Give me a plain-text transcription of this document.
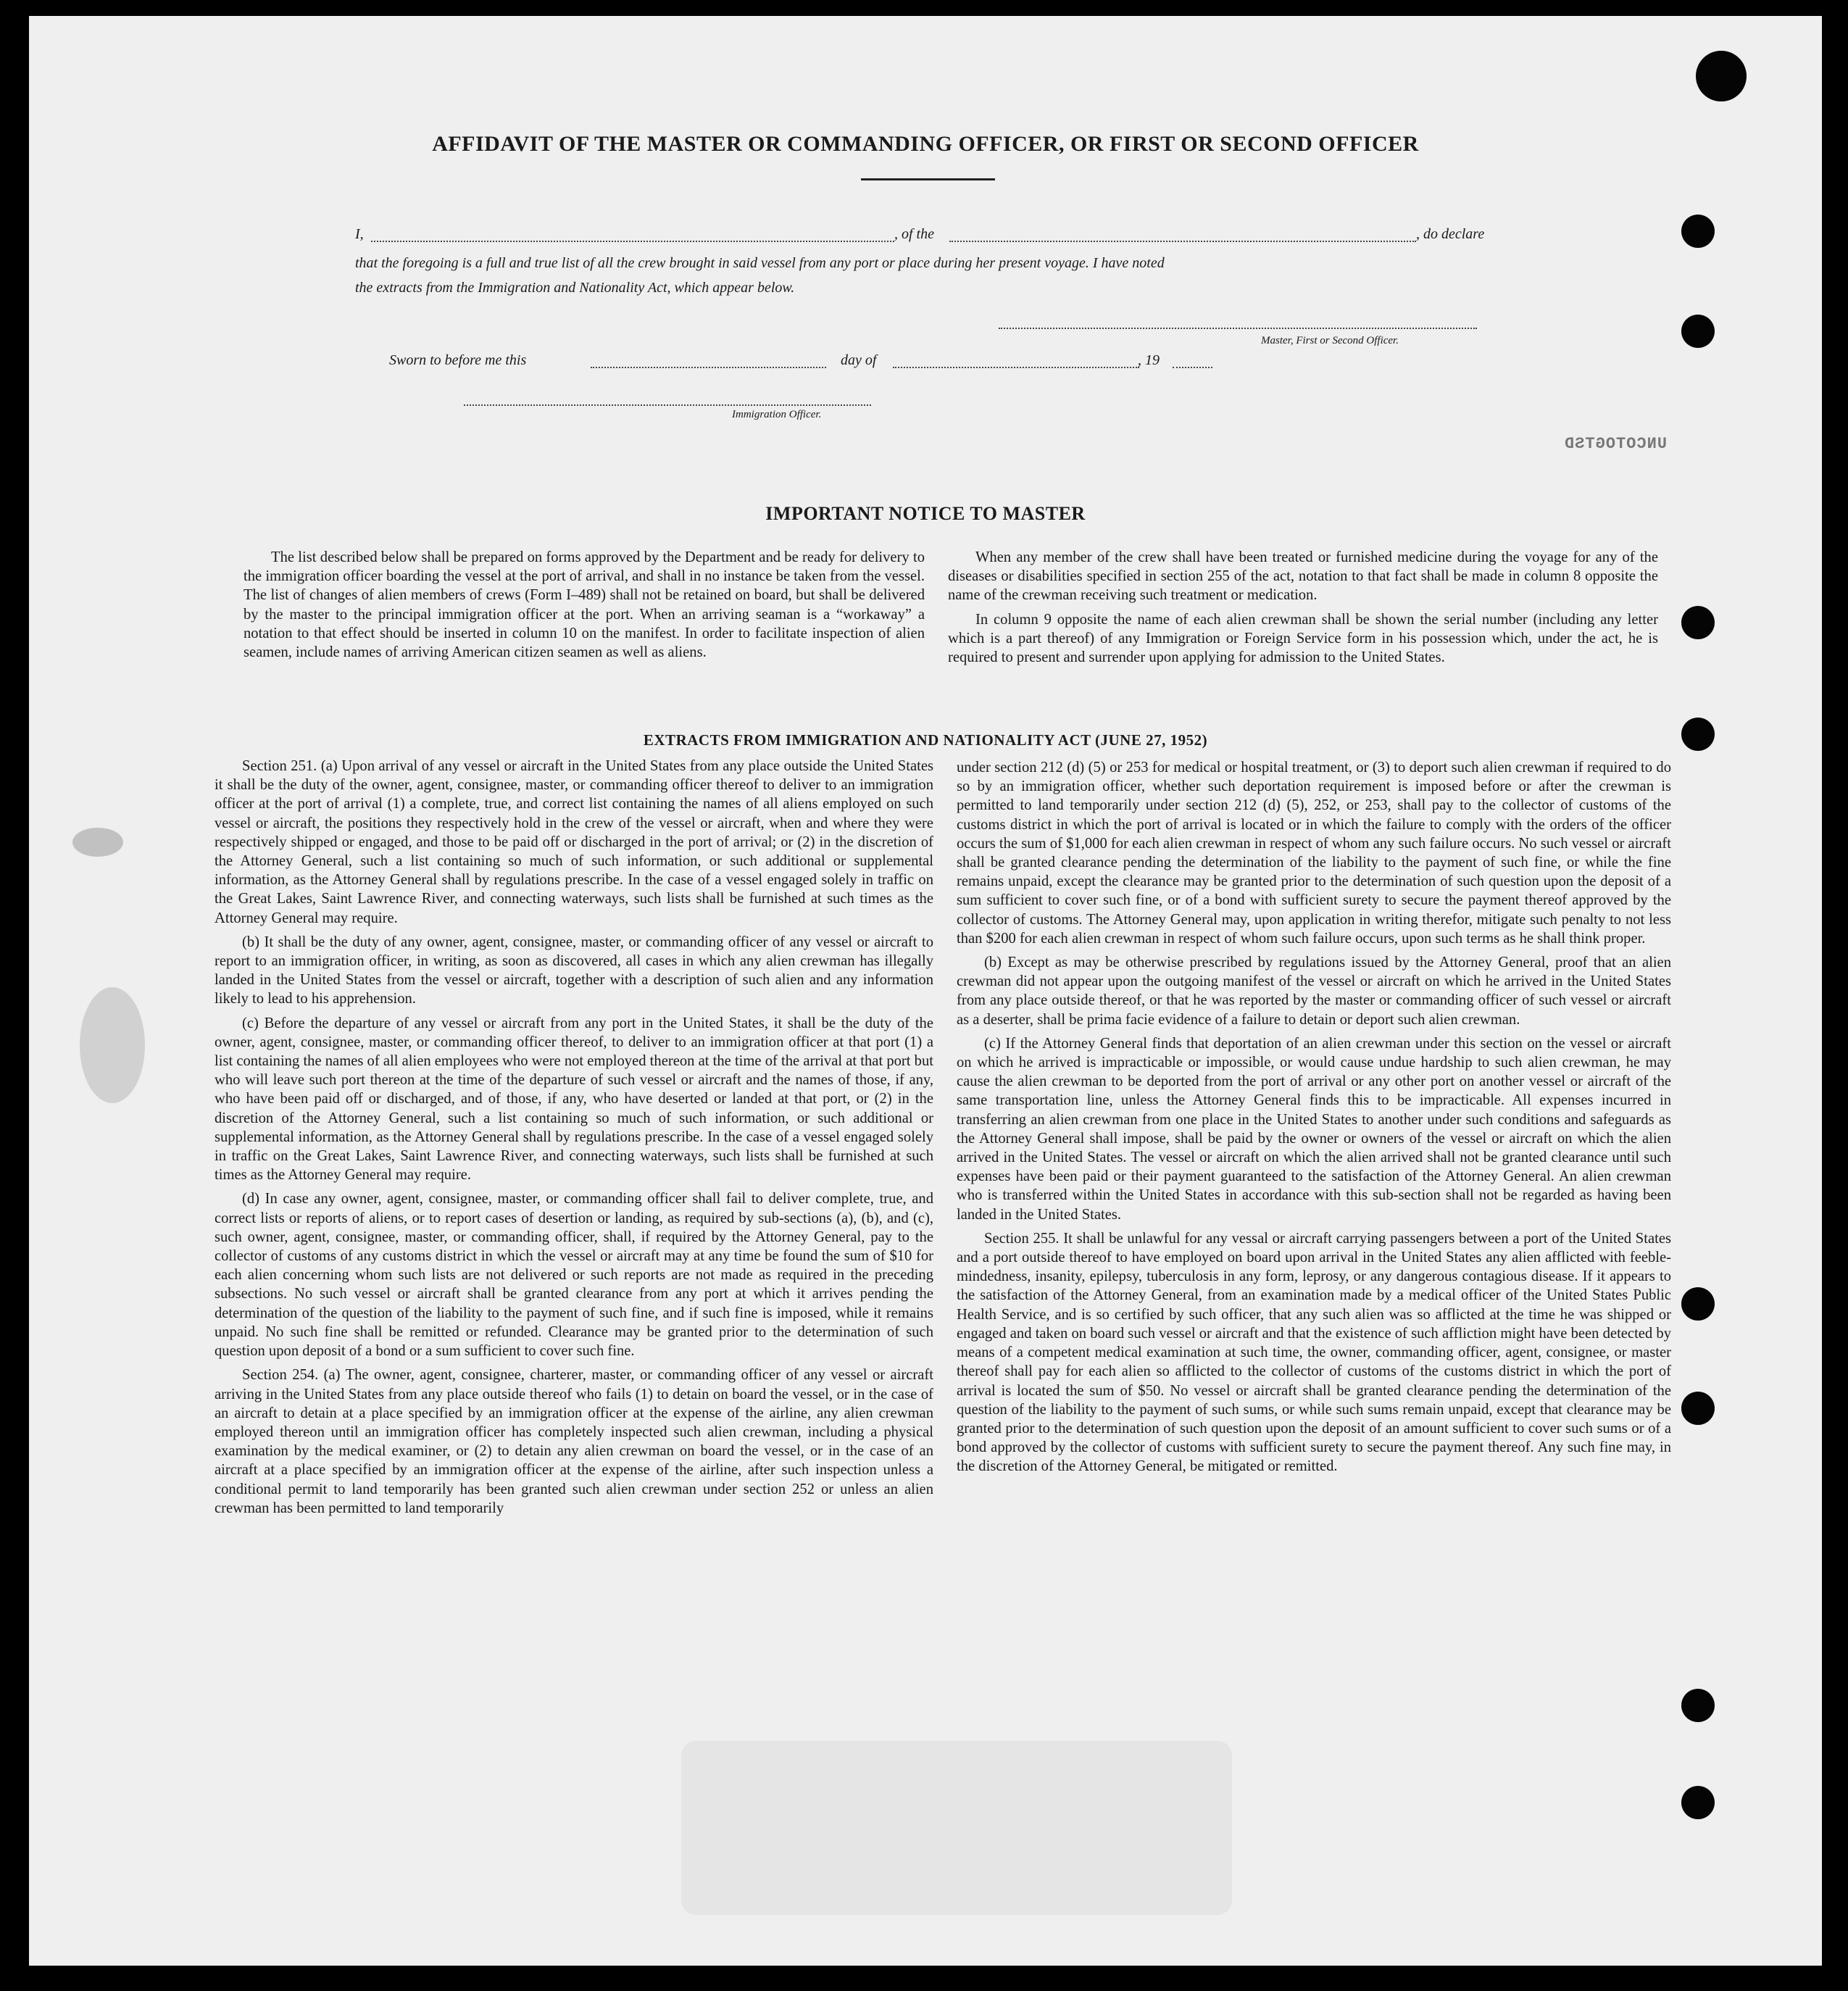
AFFIDAVIT OF THE MASTER OR COMMANDING OFFICER, OR FIRST OR SECOND OFFICER
I,	, of the	, do declare
that the foregoing is a full and true list of all the crew brought in said vessel from any port or place during her present voyage. I have noted
the extracts from the Immigration and Nationality Act, which appear below.
Master, First or Second Officer.
Sworn to before me this	day of	, 19
Immigration Officer.
UNCOTOGTSD
IMPORTANT NOTICE TO MASTER

The list described below shall be prepared on forms approved by the Department and be ready for delivery to the immigration officer boarding the vessel at the port of arrival, and shall in no instance be taken from the vessel. The list of changes of alien members of crews (Form I–489) shall not be retained on board, but shall be delivered by the master to the principal immigration officer at the port. When an arriving seaman is a “workaway” a notation to that effect should be inserted in column 10 on the manifest. In order to facilitate inspection of alien seamen, include names of arriving American citizen seamen as well as aliens.

When any member of the crew shall have been treated or furnished medicine during the voyage for any of the diseases or disabilities specified in section 255 of the act, notation to that fact shall be made in column 8 opposite the name of the crewman receiving such treatment or medication.

In column 9 opposite the name of each alien crewman shall be shown the serial number (including any letter which is a part thereof) of any Immigration or Foreign Service form in his possession which, under the act, he is required to present and surrender upon applying for admission to the United States.

EXTRACTS FROM IMMIGRATION AND NATIONALITY ACT (JUNE 27, 1952)

Section 251. (a) Upon arrival of any vessel or aircraft in the United States from any place outside the United States it shall be the duty of the owner, agent, consignee, master, or commanding officer thereof to deliver to an immigration officer at the port of arrival (1) a complete, true, and correct list containing the names of all aliens employed on such vessel or aircraft, the positions they respectively hold in the crew of the vessel or aircraft, when and where they were respectively shipped or engaged, and those to be paid off or discharged in the port of arrival; or (2) in the discretion of the Attorney General, such a list containing so much of such information, or such additional or supplemental information, as the Attorney General shall by regulations prescribe. In the case of a vessel engaged solely in traffic on the Great Lakes, Saint Lawrence River, and connecting waterways, such lists shall be furnished at such times as the Attorney General may require.

(b) It shall be the duty of any owner, agent, consignee, master, or commanding officer of any vessel or aircraft to report to an immigration officer, in writing, as soon as discovered, all cases in which any alien crewman has illegally landed in the United States from the vessel or aircraft, together with a description of such alien and any information likely to lead to his apprehension.

(c) Before the departure of any vessel or aircraft from any port in the United States, it shall be the duty of the owner, agent, consignee, master, or commanding officer thereof, to deliver to an immigration officer at that port (1) a list containing the names of all alien employees who were not employed thereon at the time of the arrival at that port but who will leave such port thereon at the time of the departure of such vessel or aircraft and the names of those, if any, who have been paid off or discharged, and of those, if any, who have deserted or landed at that port, or (2) in the discretion of the Attorney General, such a list containing so much of such information, or such additional or supplemental information, as the Attorney General shall by regulations prescribe. In the case of a vessel engaged solely in traffic on the Great Lakes, Saint Lawrence River, and connecting waterways, such lists shall be furnished at such times as the Attorney General may require.

(d) In case any owner, agent, consignee, master, or commanding officer shall fail to deliver complete, true, and correct lists or reports of aliens, or to report cases of desertion or landing, as required by sub-sections (a), (b), and (c), such owner, agent, consignee, master, or commanding officer, shall, if required by the Attorney General, pay to the collector of customs of any customs district in which the vessel or aircraft may at any time be found the sum of $10 for each alien concerning whom such lists are not delivered or such reports are not made as required in the preceding subsections. No such vessel or aircraft shall be granted clearance from any port at which it arrives pending the determination of the question of the liability to the payment of such fine, and if such fine is imposed, while it remains unpaid. No such fine shall be remitted or refunded. Clearance may be granted prior to the determination of such question upon deposit of a bond or a sum sufficient to cover such fine.

Section 254. (a) The owner, agent, consignee, charterer, master, or commanding officer of any vessel or aircraft arriving in the United States from any place outside thereof who fails (1) to detain on board the vessel, or in the case of an aircraft to detain at a place specified by an immigration officer at the expense of the airline, any alien crewman employed thereon until an immigration officer has completely inspected such alien crewman, including a physical examination by the medical examiner, or (2) to detain any alien crewman on board the vessel, or in the case of an aircraft at a place specified by an immigration officer at the expense of the airline, after such inspection unless a conditional permit to land temporarily has been granted such alien crewman under section 252 or unless an alien crewman has been permitted to land temporarily

under section 212 (d) (5) or 253 for medical or hospital treatment, or (3) to deport such alien crewman if required to do so by an immigration officer, whether such deportation requirement is imposed before or after the crewman is permitted to land temporarily under section 212 (d) (5), 252, or 253, shall pay to the collector of customs of the customs district in which the port of arrival is located or in which the failure to comply with the orders of the officer occurs the sum of $1,000 for each alien crewman in respect of whom any such failure occurs. No such vessel or aircraft shall be granted clearance pending the determination of the liability to the payment of such fine, or while the fine remains unpaid, except the clearance may be granted prior to the determination of such question upon the deposit of a sum sufficient to cover such fine, or of a bond with sufficient surety to secure the payment thereof approved by the collector of customs. The Attorney General may, upon application in writing therefor, mitigate such penalty to not less than $200 for each alien crewman in respect of whom such failure occurs, upon such terms as he shall think proper.

(b) Except as may be otherwise prescribed by regulations issued by the Attorney General, proof that an alien crewman did not appear upon the outgoing manifest of the vessel or aircraft on which he arrived in the United States from any place outside thereof, or that he was reported by the master or commanding officer of such vessel or aircraft as a deserter, shall be prima facie evidence of a failure to detain or deport such alien crewman.

(c) If the Attorney General finds that deportation of an alien crewman under this section on the vessel or aircraft on which he arrived is impracticable or impossible, or would cause undue hardship to such alien crewman, he may cause the alien crewman to be deported from the port of arrival or any other port on another vessel or aircraft of the same transportation line, unless the Attorney General finds this to be impracticable. All expenses incurred in transferring an alien crewman from one place in the United States to another under such conditions and safeguards as the Attorney General shall impose, shall be paid by the owner or owners of the vessel or aircraft on which the alien arrived in the United States. The vessel or aircraft on which the alien arrived shall not be granted clearance until such expenses have been paid or their payment guaranteed to the satisfaction of the Attorney General. An alien crewman who is transferred within the United States in accordance with this sub-section shall not be regarded as having been landed in the United States.

Section 255. It shall be unlawful for any vessal or aircraft carrying passengers between a port of the United States and a port outside thereof to have employed on board upon arrival in the United States any alien afflicted with feeble-mindedness, insanity, epilepsy, tuberculosis in any form, leprosy, or any dangerous contagious disease. If it appears to the satisfaction of the Attorney General, from an examination made by a medical officer of the United States Public Health Service, and is so certified by such officer, that any such alien was so afflicted at the time he was shipped or engaged and taken on board such vessel or aircraft and that the existence of such affliction might have been detected by means of a competent medical examination at such time, the owner, commanding officer, agent, consignee, or master thereof shall pay for each alien so afflicted to the collector of customs of the customs district in which the port of arrival is located the sum of $50. No vessel or aircraft shall be granted clearance pending the determination of the question of the liability to the payment of such sums, or while such sums remain unpaid, except that clearance may be granted prior to the determination of such question upon the deposit of an amount sufficient to cover such sums or of a bond approved by the collector of customs with sufficient surety to secure the payment thereof. Any such fine may, in the discretion of the Attorney General, be mitigated or remitted.
